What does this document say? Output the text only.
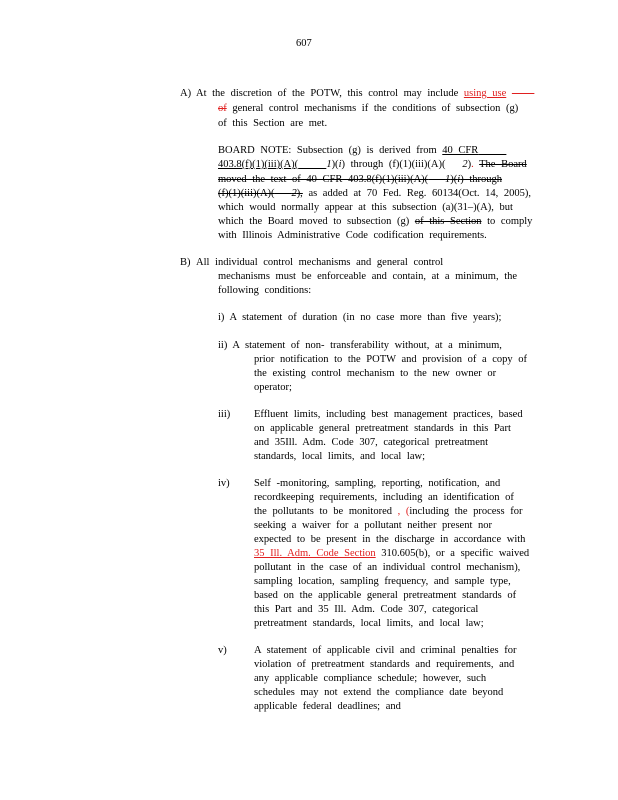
607
A) At the discretion of the POTW, this control may include using use
of general control mechanisms if the conditions of subsection (g)
of this Section are met.
BOARD NOTE: Subsection (g) is derived from 40 CFR
403.8(f)(1)(iii)(A)(	1)(i) through (f)(1)(iii)(A)( 2). The Board
moved the text of 40 CFR 403.8(f)(1)(iii)(A)( 1)(i) through
(f)(1)(iii)(A)( 2), as added at 70 Fed. Reg. 60134(Oct. 14, 2005),
which would normally appear at this subsection (a)(31–)(A), but
which the Board moved to subsection (g) of this Section to comply
with Illinois Administrative Code codification requirements.
B) All individual control mechanisms and general control
mechanisms must be enforceable and contain, at a minimum, the
following conditions:
i) A statement of duration (in no case more than five years);
ii) A statement of non- transferability without, at a minimum,
prior notification to the POTW and provision of a copy of
the existing control mechanism to the new owner or
operator;
iii) Effluent limits, including best management practices, based
on applicable general pretreatment standards in this Part
and 35Ill. Adm. Code 307, categorical pretreatment
standards, local limits, and local law;
iv) Self -monitoring, sampling, reporting, notification, and
recordkeeping requirements, including an identification of
the pollutants to be monitored , (including the process for
seeking a waiver for a pollutant neither present nor
expected to be present in the discharge in accordance with
35 Ill. Adm. Code Section 310.605(b), or a specific waived
pollutant in the case of an individual control mechanism),
sampling location, sampling frequency, and sample type,
based on the applicable general pretreatment standards of
this Part and 35 Ill. Adm. Code 307, categorical
pretreatment standards, local limits, and local law;
v)	A statement of applicable civil and criminal penalties for
violation of pretreatment standards and requirements, and
any applicable compliance schedule; however, such
schedules may not extend the compliance date beyond
applicable federal deadlines; and
